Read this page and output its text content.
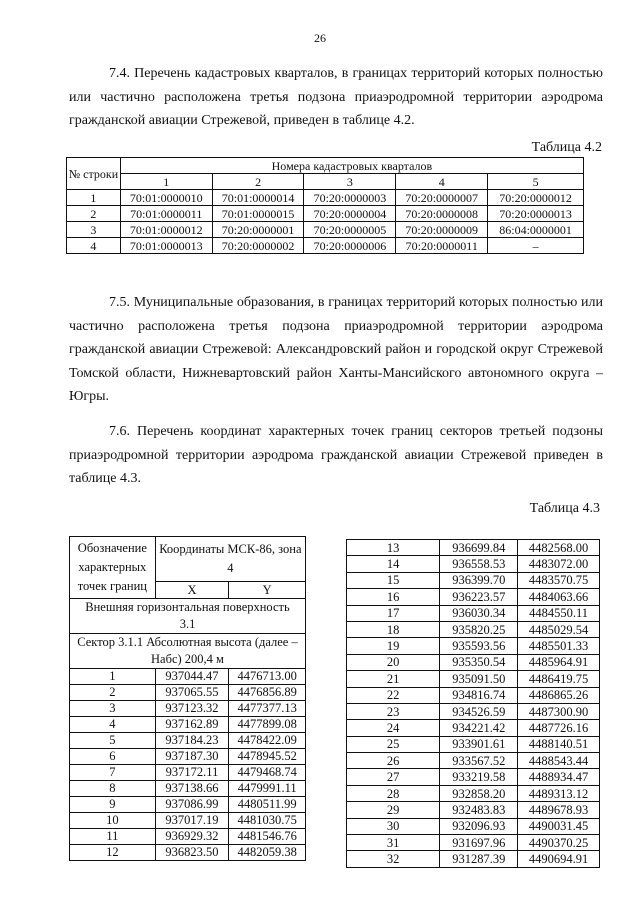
26
7.4. Перечень кадастровых кварталов, в границах территорий которых полностью или частично расположена третья подзона приаэродромной территории аэродрома гражданской авиации Стрежевой, приведен в таблице 4.2.
Таблица 4.2
№ строки	Номера кадастровых кварталов				
	1	2	3	4	5
1	70:01:0000010	70:01:0000014	70:20:0000003	70:20:0000007	70:20:0000012
2	70:01:0000011	70:01:0000015	70:20:0000004	70:20:0000008	70:20:0000013
3	70:01:0000012	70:20:0000001	70:20:0000005	70:20:0000009	86:04:0000001
4	70:01:0000013	70:20:0000002	70:20:0000006	70:20:0000011	–
7.5. Муниципальные образования, в границах территорий которых полностью или частично расположена третья подзона приаэродромной территории аэродрома гражданской авиации Стрежевой: Александровский район и городской округ Стрежевой Томской области, Нижневартовский район Ханты-Мансийского автономного округа – Югры.
7.6. Перечень координат характерных точек границ секторов третьей подзоны приаэродромной территории аэродрома гражданской авиации Стрежевой приведен в таблице 4.3.
Таблица 4.3
Обозначение характерных точек границ	Координаты МСК-86, зона 4	
	X	Y
Внешняя горизонтальная поверхность 3.1		
Сектор 3.1.1 Абсолютная высота (далее – Набс) 200,4 м		
1	937044.47	4476713.00
2	937065.55	4476856.89
3	937123.32	4477377.13
4	937162.89	4477899.08
5	937184.23	4478422.09
6	937187.30	4478945.52
7	937172.11	4479468.74
8	937138.66	4479991.11
9	937086.99	4480511.99
10	937017.19	4481030.75
11	936929.32	4481546.76
12	936823.50	4482059.38
13	936699.84	4482568.00
14	936558.53	4483072.00
15	936399.70	4483570.75
16	936223.57	4484063.66
17	936030.34	4484550.11
18	935820.25	4485029.54
19	935593.56	4485501.33
20	935350.54	4485964.91
21	935091.50	4486419.75
22	934816.74	4486865.26
23	934526.59	4487300.90
24	934221.42	4487726.16
25	933901.61	4488140.51
26	933567.52	4488543.44
27	933219.58	4488934.47
28	932858.20	4489313.12
29	932483.83	4489678.93
30	932096.93	4490031.45
31	931697.96	4490370.25
32	931287.39	4490694.91
